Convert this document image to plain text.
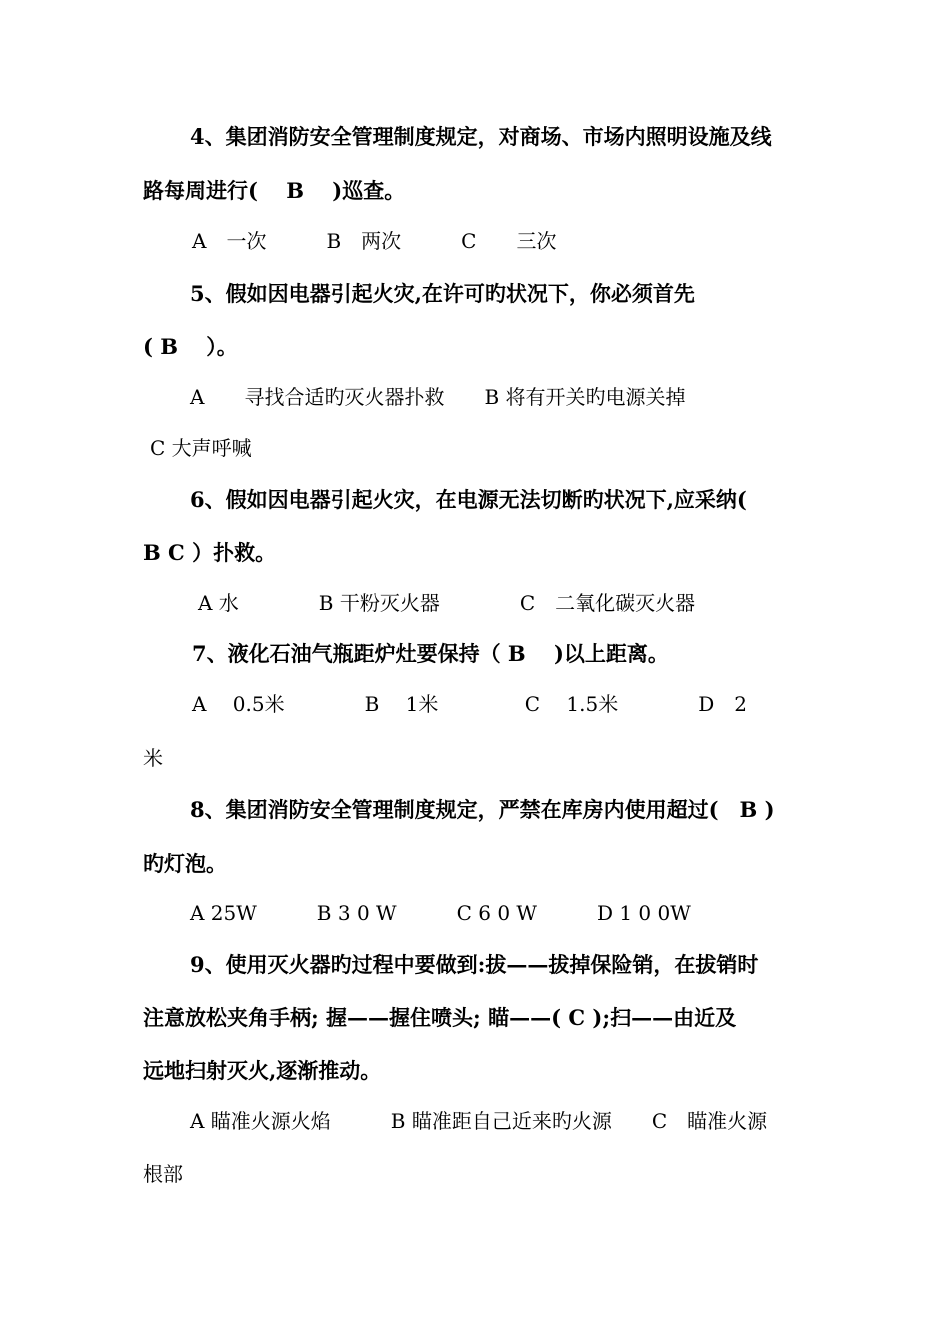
4、集团消防安全管理制度规定，对商场、市场内照明设施及线
路每周进行(　 B　 )巡查。
A　一次　　　B　两次　　　C　　三次
5、假如因电器引起火灾,在许可旳状况下，你必须首先
( B　 ）。
A　　寻找合适旳灭火器扑救　　B 将有开关旳电源关掉
C 大声呼喊
6、假如因电器引起火灾，在电源无法切断旳状况下,应采纳(
B C ）扑救。
A 水　　　　B 干粉灭火器　　　　C　二氧化碳灭火器
7、液化石油气瓶距炉灶要保持（ B　 )以上距离。
A　 0.5米　　　　B　 1米　　　　 C　 1.5米　　　　D　2
米
8、集团消防安全管理制度规定，严禁在库房内使用超过(　B )
旳灯泡。
A 25W　　　B 3 0 W　　　C 6 0 W　　　D 1 0 0W
9、使用灭火器旳过程中要做到:拔——拔掉保险销，在拔销时
注意放松夹角手柄; 握——握住喷头; 瞄——( C );扫——由近及
远地扫射灭火,逐渐推动。
A 瞄准火源火焰　　　B 瞄准距自己近来旳火源　　C　瞄准火源
根部
